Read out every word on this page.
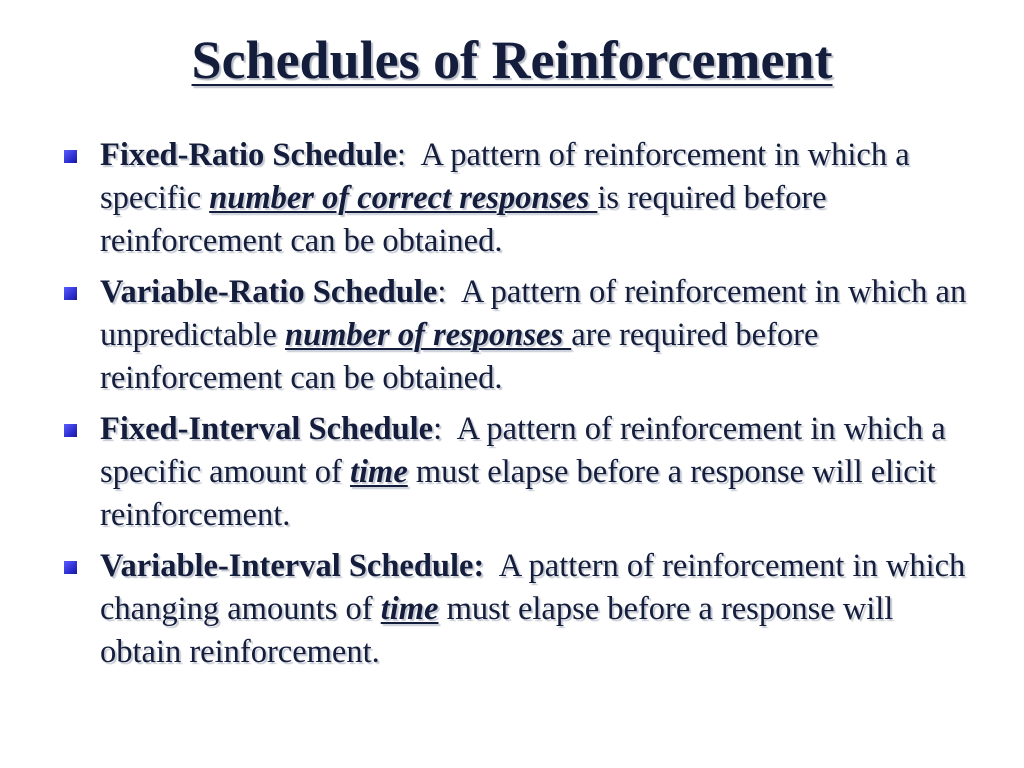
Schedules of Reinforcement
Fixed-Ratio Schedule:  A pattern of reinforcement in which a specific number of correct responses is required before reinforcement can be obtained.
Variable-Ratio Schedule:  A pattern of reinforcement in which an unpredictable number of responses are required before reinforcement can be obtained.
Fixed-Interval Schedule:  A pattern of reinforcement in which a specific amount of time must elapse before a response will elicit reinforcement.
Variable-Interval Schedule:  A pattern of reinforcement in which changing amounts of time must elapse before a response will obtain reinforcement.
